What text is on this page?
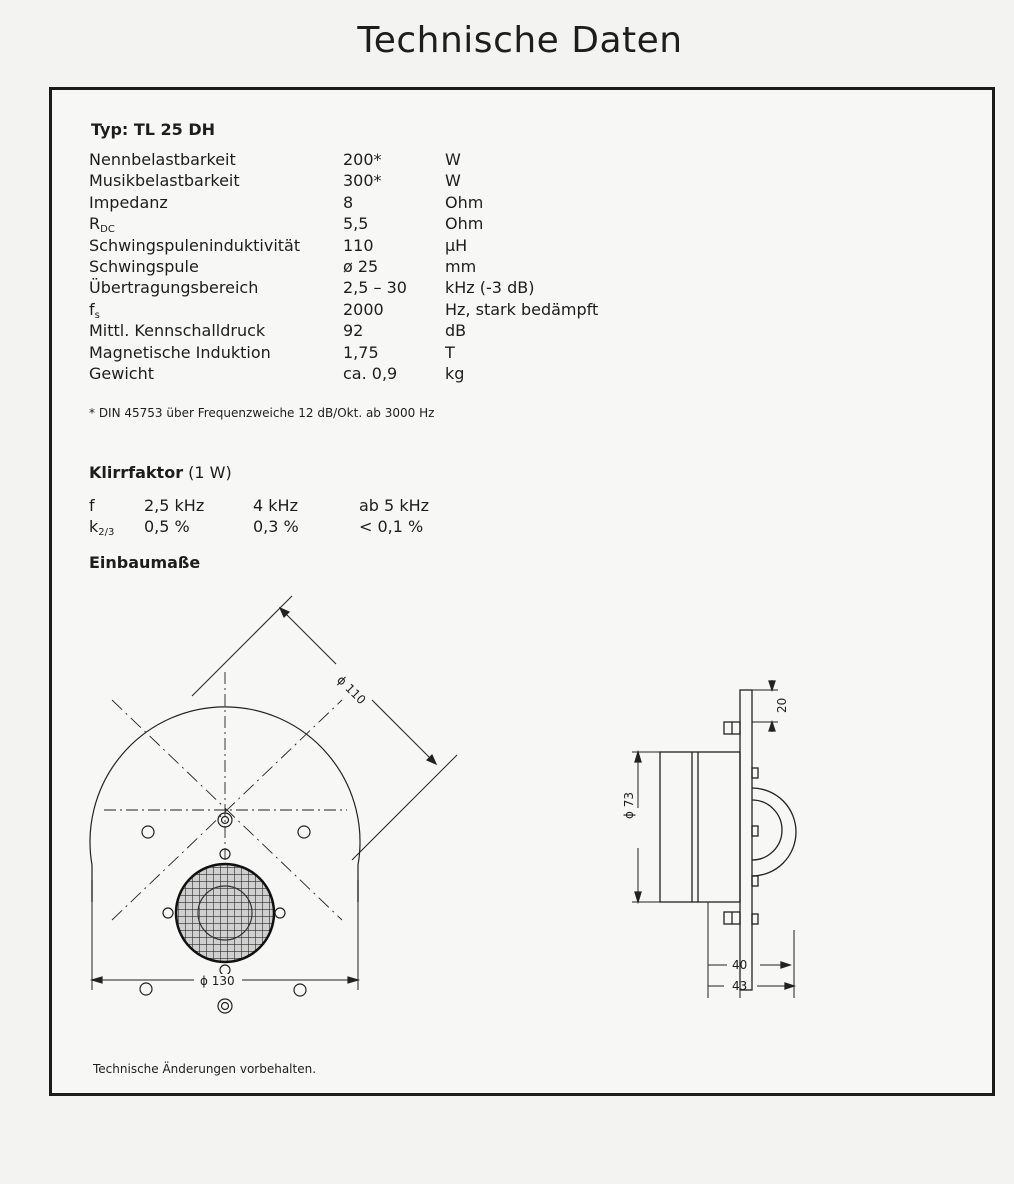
Technische Daten
Typ: TL 25 DH
Nennbelastbarkeit	200*	W
Musikbelastbarkeit	300*	W
Impedanz	8	Ohm
$R_{DC}$	5,5	Ohm
Schwingspuleninduktivität	110	µH
Schwingspule	ø 25	mm
Übertragungsbereich	2,5 – 30 kHz (-3 dB)
$f_s$	2000	Hz, stark bedämpft
Mittl. Kennschalldruck	92	dB
Magnetische Induktion	1,75	T
Gewicht	ca. 0,9	kg
* DIN 45753 über Frequenzweiche 12 dB/Okt. ab 3000 Hz
Klirrfaktor (1 W)
f	2,5 kHz	4 kHz	ab 5 kHz
$k_{2/3}$ 0,5 %	0,3 %	< 0,1 %
Einbaumaße
ϕ 130
ϕ 110
ϕ 73
20
40
43
Technische Änderungen vorbehalten.
